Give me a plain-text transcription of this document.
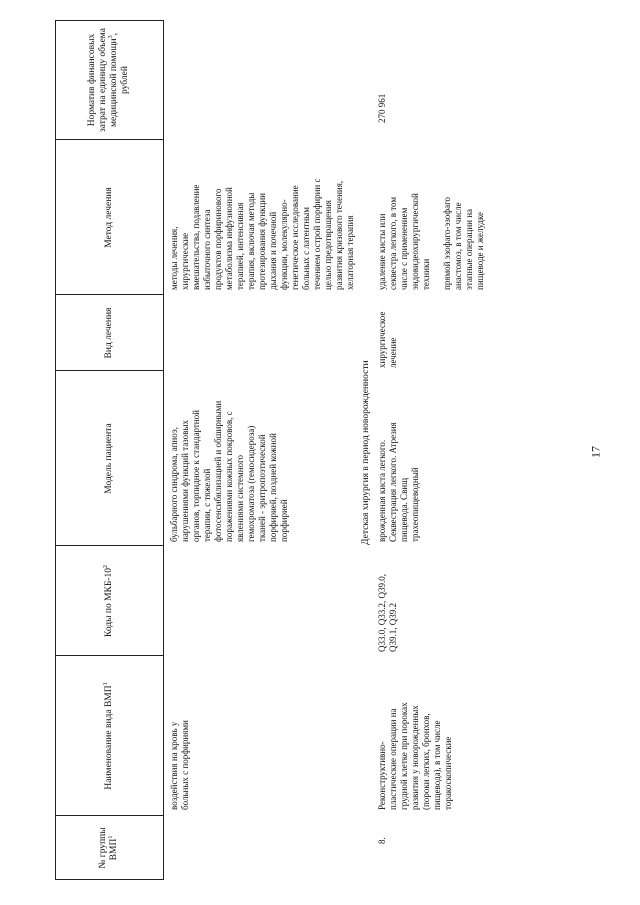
17
№ группы ВМП$^1$
Наименование вида ВМП$^1$
Коды по МКБ-$10^2$
Модель пациента
Вид лечения
Метод лечения
Норматив финансовых затрат на единицу объема медицинской помощи$^3$, рублей
воздействия на кровь у
больных с порфириями
бульбарного синдрома, апноэ,
нарушениями функций тазовых
органов, торпидное к стандартной
терапии, с тяжелой
фотосенсибилизацией и обширными
поражениями кожных покровов, с
явлениями системного
гемохроматоза (гемосидероза)
тканей - эритропоэтической
порфирией, поздней кожной
порфирией
методы лечения,
хирургические
вмешательства, подавление
избыточного синтеза
продуктов порфиринового
метаболизма инфузионной
терапией, интенсивная
терапия, включая методы
протезирования функции
дыхания и почечной
функции, молекулярно-
генетическое исследование
больных с латентным
течением острой порфирии с
целью предотвращения
развития кризового течения,
хелаторная терапия
Детская хирургия в период новорожденности
8.
Реконструктивно-
пластические операции на
грудной клетке при пороках
развития у новорожденных
(пороки легких, бронхов,
пищевода), в том числе
торакоскопические
Q33.0, Q33.2, Q39.0,
Q39.1, Q39.2
врожденная киста легкого.
Секвестрация легкого. Атрезия
пищевода. Свищ
трахеопищеводный
хирургическое
лечение
удаление кисты или
секвестра легкого, в том
числе с применением
эндовидеохирургической
техники прямой эзофаго-эзофаго
анастомоз, в том числе
этапные операции на
пищеводе и желудке
270 961
